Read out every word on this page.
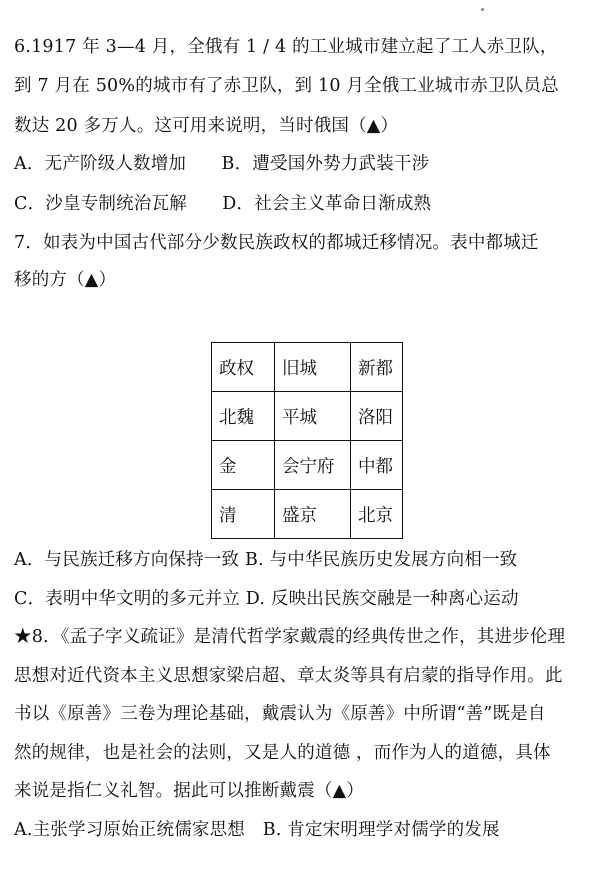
6.1917 年 3—4 月，全俄有 1 / 4 的工业城市建立起了工人赤卫队，
到 7 月在 50%的城市有了赤卫队，到 10 月全俄工业城市赤卫队员总
数达 20 多万人。这可用来说明，当时俄国（▲）
A．无产阶级人数增加　　B．遭受国外势力武装干涉
C．沙皇专制统治瓦解　　D．社会主义革命日渐成熟
7．如表为中国古代部分少数民族政权的都城迁移情况。表中都城迁
移的方（▲）
政权	旧城	新都
北魏	平城	洛阳
金	会宁府	中都
清	盛京	北京
A．与民族迁移方向保持一致 B. 与中华民族历史发展方向相一致
C．表明中华文明的多元并立 D. 反映出民族交融是一种离心运动
★8．《孟子字义疏证》是清代哲学家戴震的经典传世之作，其进步伦理
思想对近代资本主义思想家梁启超、章太炎等具有启蒙的指导作用。此
书以《原善》三卷为理论基础，戴震认为《原善》中所谓“善”既是自
然的规律，也是社会的法则，又是人的道德 ，而作为人的道德，具体
来说是指仁义礼智。据此可以推断戴震（▲）
A.主张学习原始正统儒家思想　B. 肯定宋明理学对儒学的发展
